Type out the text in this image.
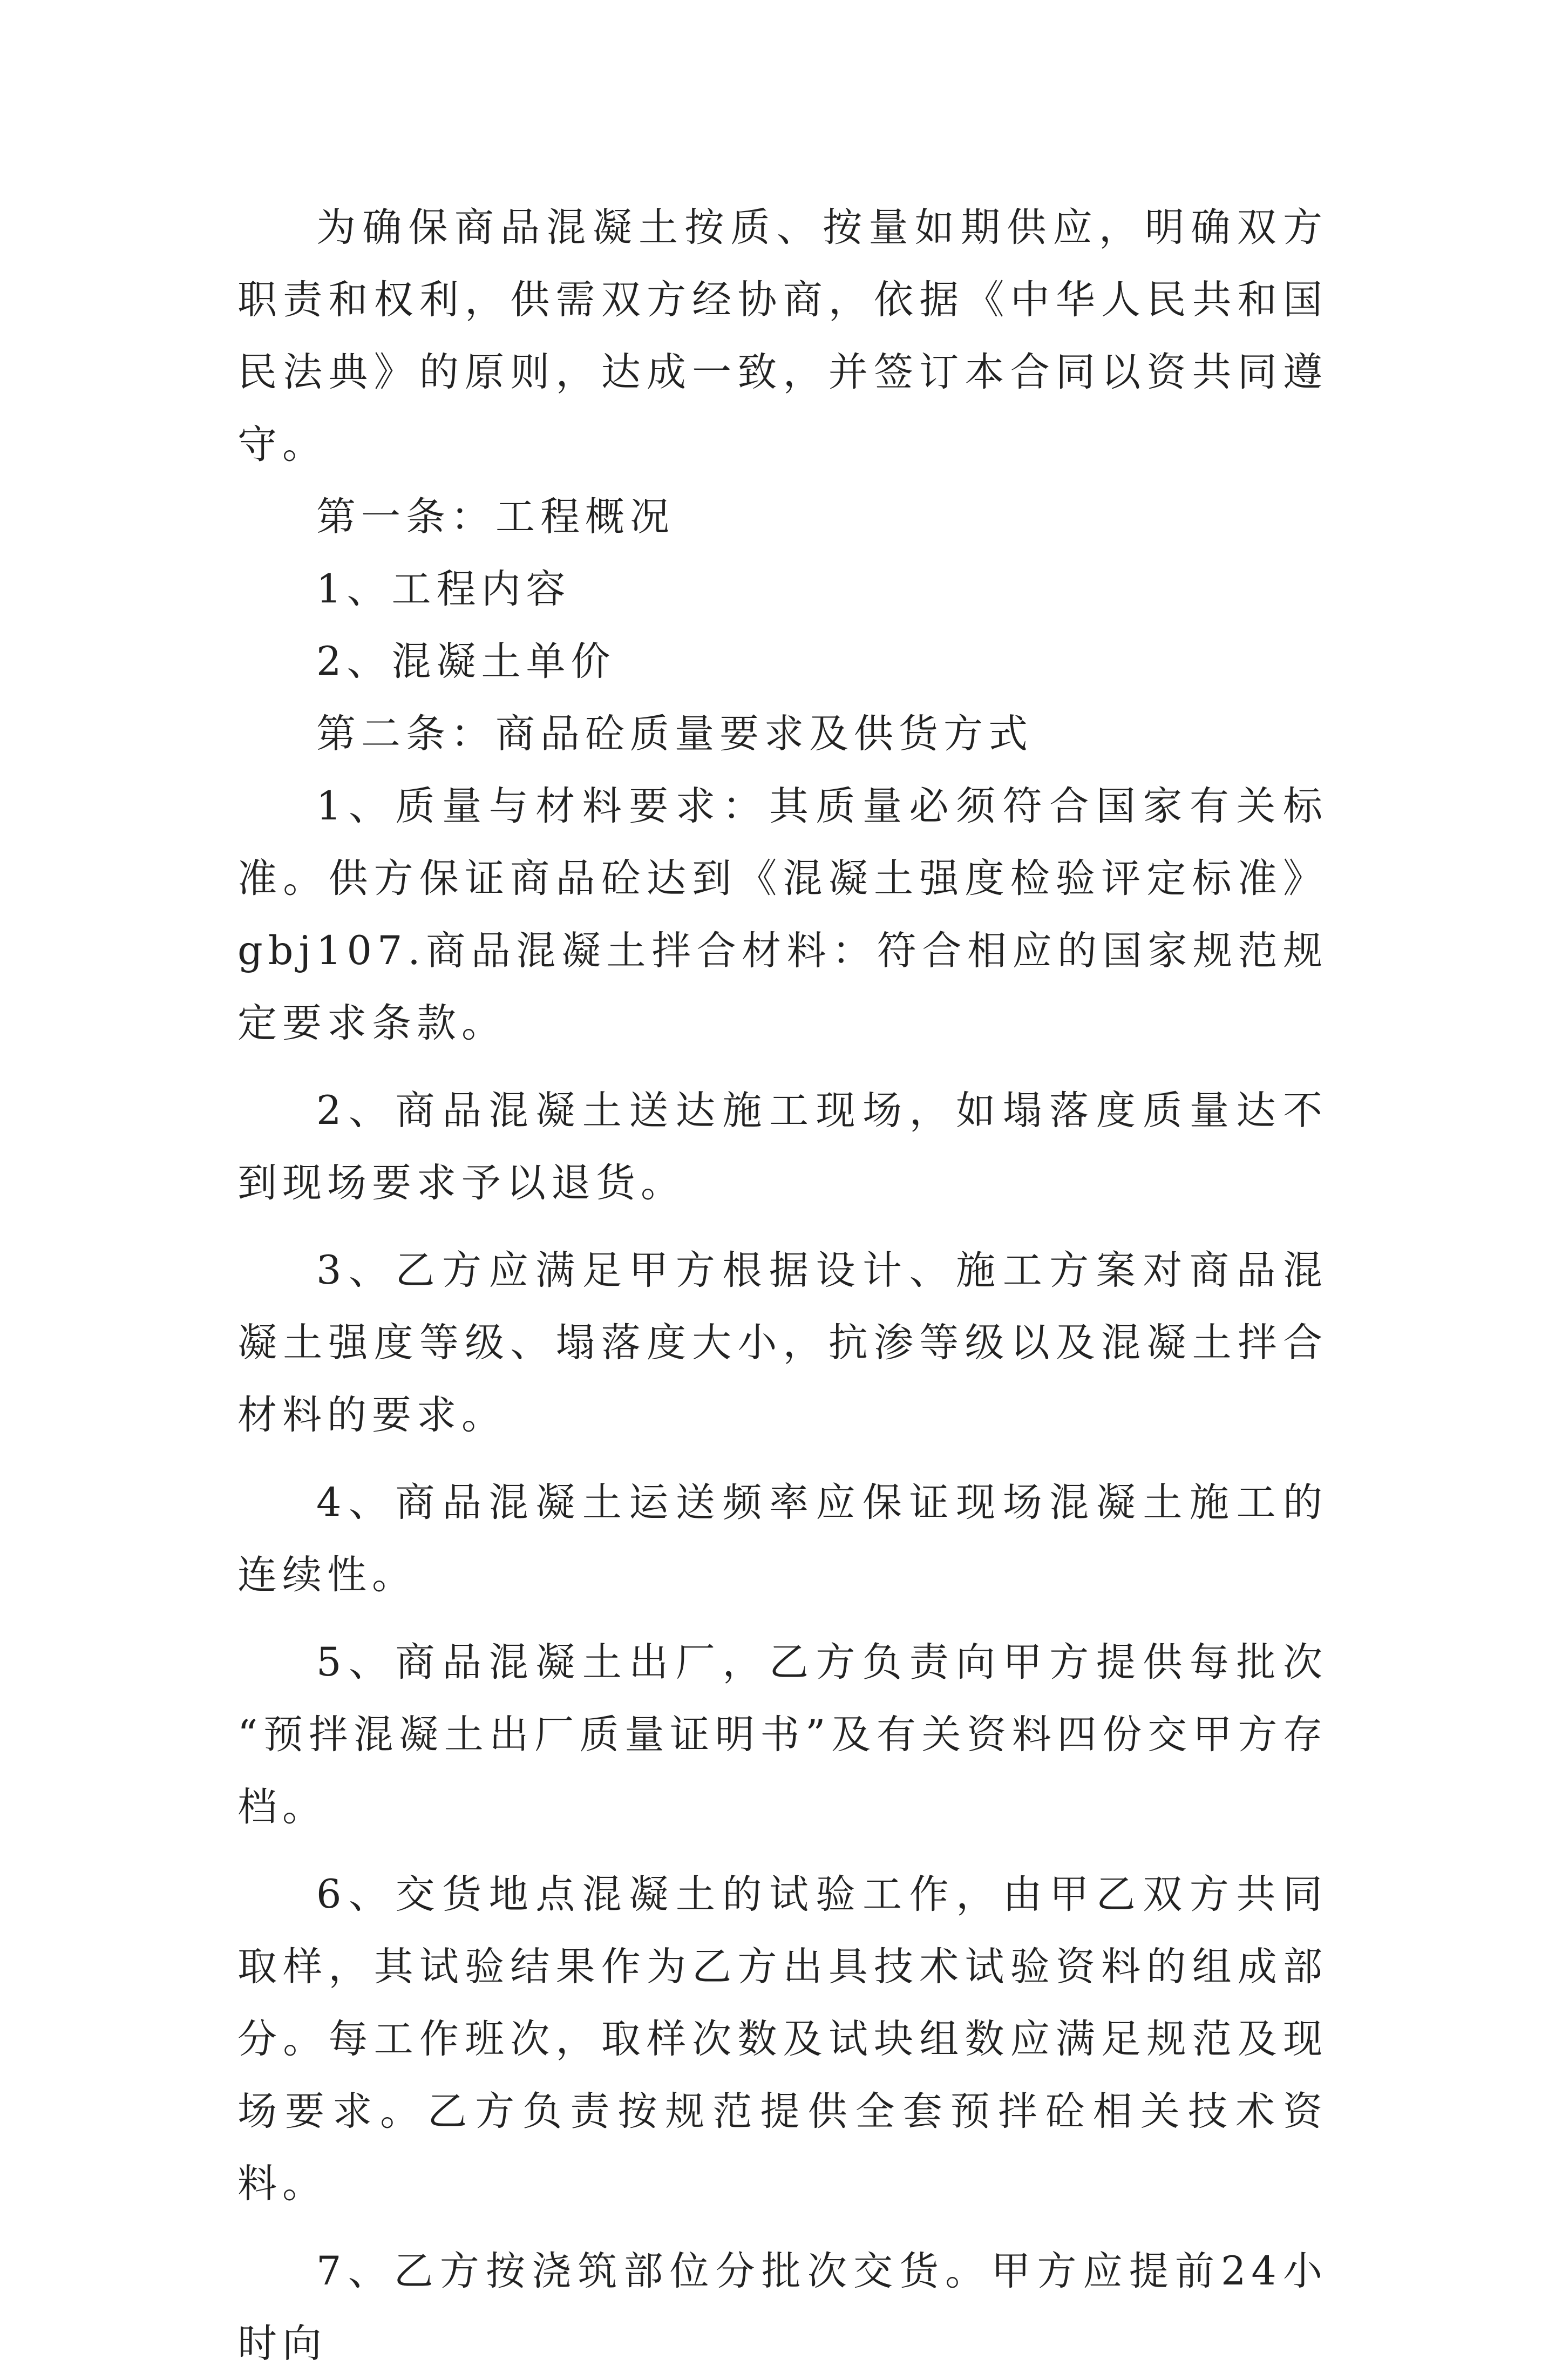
为确保商品混凝土按质、按量如期供应，明确双方职责和权利，供需双方经协商，依据《中华人民共和国民法典》的原则，达成一致，并签订本合同以资共同遵守。

第一条：工程概况

1、工程内容

2、混凝土单价

第二条：商品砼质量要求及供货方式

1、质量与材料要求：其质量必须符合国家有关标准。供方保证商品砼达到《混凝土强度检验评定标准》gbj107.商品混凝土拌合材料：符合相应的国家规范规定要求条款。

2、商品混凝土送达施工现场，如塌落度质量达不到现场要求予以退货。

3、乙方应满足甲方根据设计、施工方案对商品混凝土强度等级、塌落度大小，抗渗等级以及混凝土拌合材料的要求。

4、商品混凝土运送频率应保证现场混凝土施工的连续性。

5、商品混凝土出厂，乙方负责向甲方提供每批次 “预拌混凝土出厂质量证明书”及有关资料四份交甲方存档。

6、交货地点混凝土的试验工作，由甲乙双方共同取样，其试验结果作为乙方出具技术试验资料的组成部分。每工作班次，取样次数及试块组数应满足规范及现场要求。乙方负责按规范提供全套预拌砼相关技术资料。

7、乙方按浇筑部位分批次交货。甲方应提前24小时向
